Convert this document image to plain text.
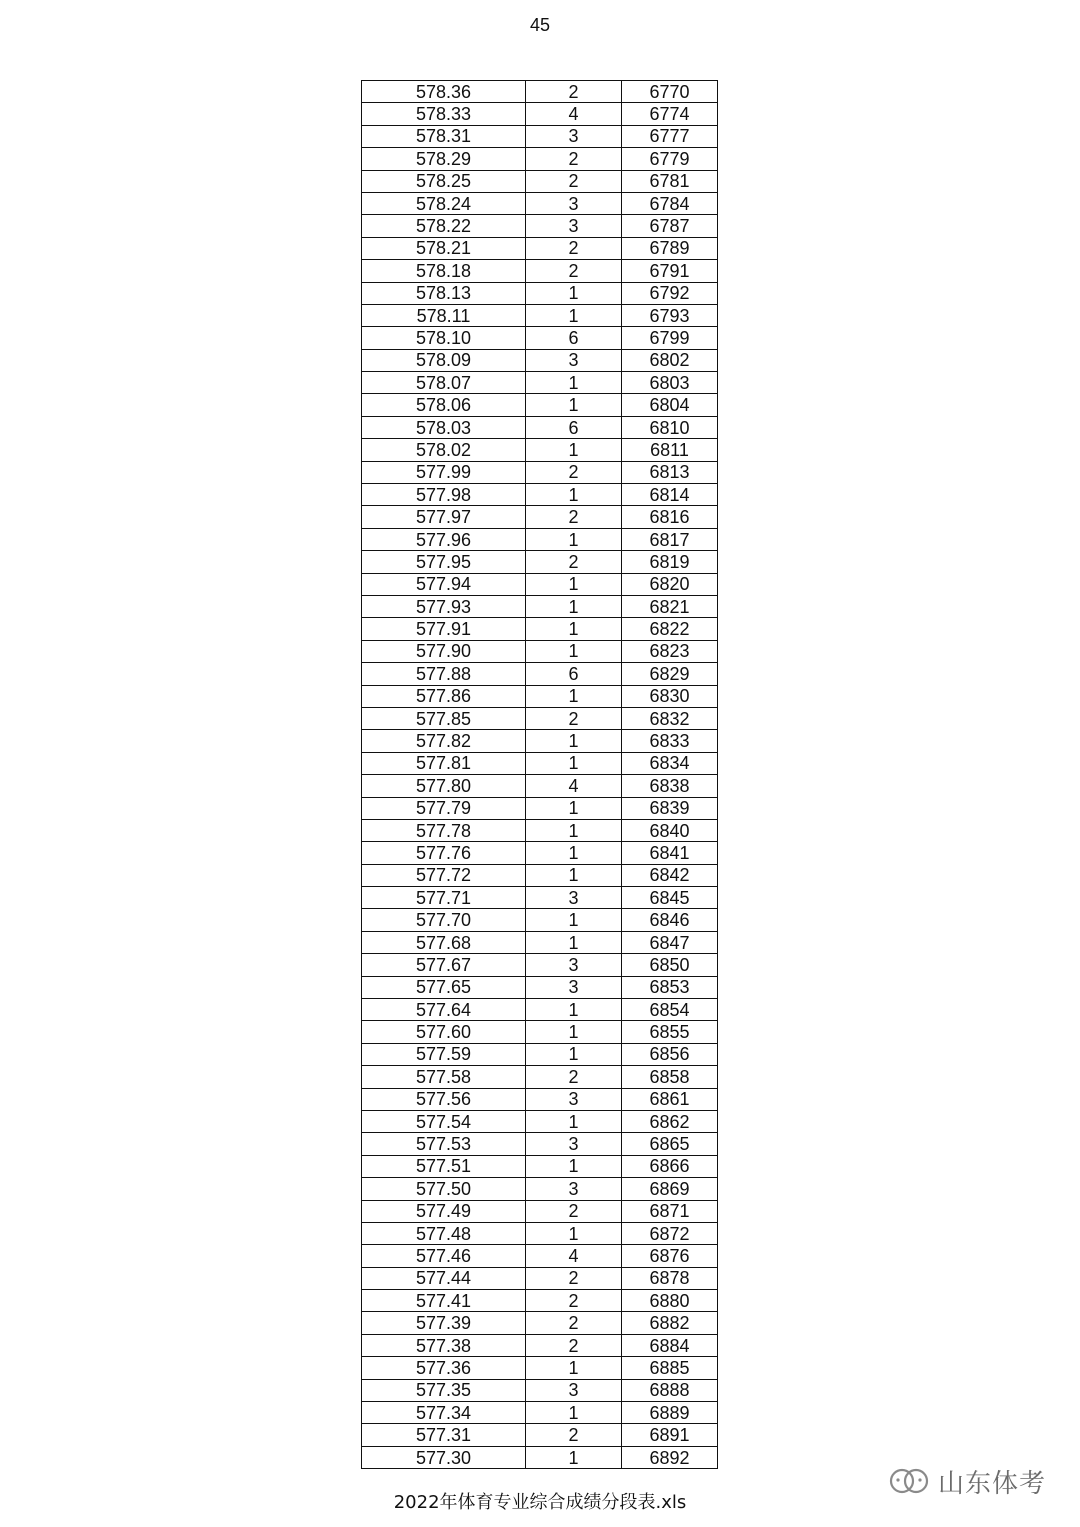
45
578.36	2	6770
578.33	4	6774
578.31	3	6777
578.29	2	6779
578.25	2	6781
578.24	3	6784
578.22	3	6787
578.21	2	6789
578.18	2	6791
578.13	1	6792
578.11	1	6793
578.10	6	6799
578.09	3	6802
578.07	1	6803
578.06	1	6804
578.03	6	6810
578.02	1	6811
577.99	2	6813
577.98	1	6814
577.97	2	6816
577.96	1	6817
577.95	2	6819
577.94	1	6820
577.93	1	6821
577.91	1	6822
577.90	1	6823
577.88	6	6829
577.86	1	6830
577.85	2	6832
577.82	1	6833
577.81	1	6834
577.80	4	6838
577.79	1	6839
577.78	1	6840
577.76	1	6841
577.72	1	6842
577.71	3	6845
577.70	1	6846
577.68	1	6847
577.67	3	6850
577.65	3	6853
577.64	1	6854
577.60	1	6855
577.59	1	6856
577.58	2	6858
577.56	3	6861
577.54	1	6862
577.53	3	6865
577.51	1	6866
577.50	3	6869
577.49	2	6871
577.48	1	6872
577.46	4	6876
577.44	2	6878
577.41	2	6880
577.39	2	6882
577.38	2	6884
577.36	1	6885
577.35	3	6888
577.34	1	6889
577.31	2	6891
577.30	1	6892
山东体考
2022年体育专业综合成绩分段表.xls
